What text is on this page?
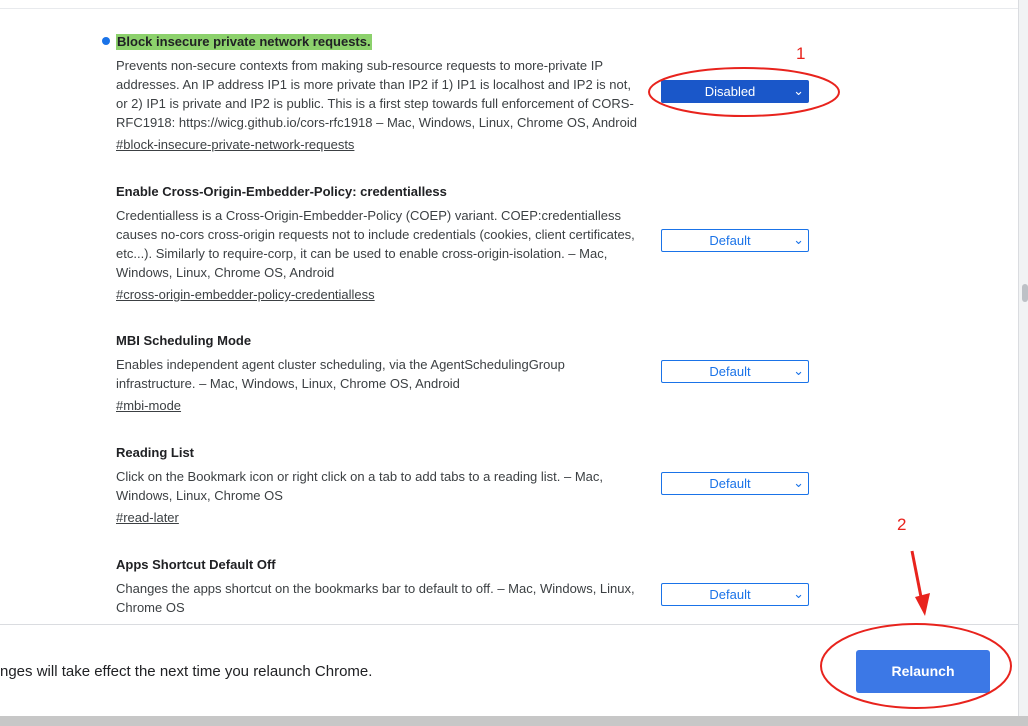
Block insecure private network requests.
Prevents non-secure contexts from making sub-resource requests to more-private IP addresses. An IP address IP1 is more private than IP2 if 1) IP1 is localhost and IP2 is not, or 2) IP1 is private and IP2 is public. This is a first step towards full enforcement of CORS-RFC1918: https://wicg.github.io/cors-rfc1918 – Mac, Windows, Linux, Chrome OS, Android
#block-insecure-private-network-requests
Disabled	⌄
Enable Cross-Origin-Embedder-Policy: credentialless
Credentialless is a Cross-Origin-Embedder-Policy (COEP) variant. COEP:credentialless causes no-cors cross-origin requests not to include credentials (cookies, client certificates, etc...). Similarly to require-corp, it can be used to enable cross-origin-isolation. – Mac, Windows, Linux, Chrome OS, Android
#cross-origin-embedder-policy-credentialless
Default	⌄
MBI Scheduling Mode
Enables independent agent cluster scheduling, via the AgentSchedulingGroup infrastructure. – Mac, Windows, Linux, Chrome OS, Android
#mbi-mode
Default	⌄
Reading List
Click on the Bookmark icon or right click on a tab to add tabs to a reading list. – Mac, Windows, Linux, Chrome OS
#read-later
Default	⌄
Apps Shortcut Default Off
Changes the apps shortcut on the bookmarks bar to default to off. – Mac, Windows, Linux, Chrome OS
Default	⌄
nges will take effect the next time you relaunch Chrome.	Relaunch
1
2
